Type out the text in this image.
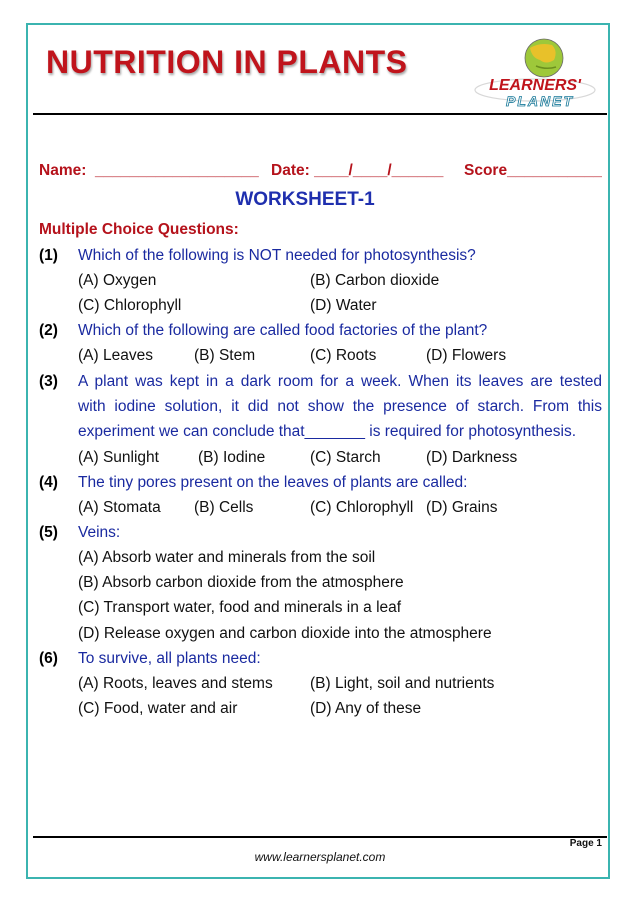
NUTRITION IN PLANTS
LEARNERS'
PLANET
Name: ___________________ Date: ____/____/______ Score___________
WORKSHEET-1
Multiple Choice Questions:
(1) Which of the following is NOT needed for photosynthesis?
(A) Oxygen	(B) Carbon dioxide
(C) Chlorophyll	(D) Water
(2) Which of the following are called food factories of the plant?
(A) Leaves	(B) Stem	(C) Roots	(D) Flowers
(3) A plant was kept in a dark room for a week. When its leaves are tested
with iodine solution, it did not show the presence of starch. From this
experiment we can conclude that_______ is required for photosynthesis.
(A) Sunlight	(B) Iodine	(C) Starch	(D) Darkness
(4) The tiny pores present on the leaves of plants are called:
(A) Stomata (B) Cells	(C) Chlorophyll (D) Grains
(5) Veins:
(A) Absorb water and minerals from the soil
(B) Absorb carbon dioxide from the atmosphere
(C) Transport water, food and minerals in a leaf
(D) Release oxygen and carbon dioxide into the atmosphere
(6) To survive, all plants need:
(A) Roots, leaves and stems (B) Light, soil and nutrients
(C) Food, water and air	(D) Any of these
Page 1
www.learnersplanet.com
